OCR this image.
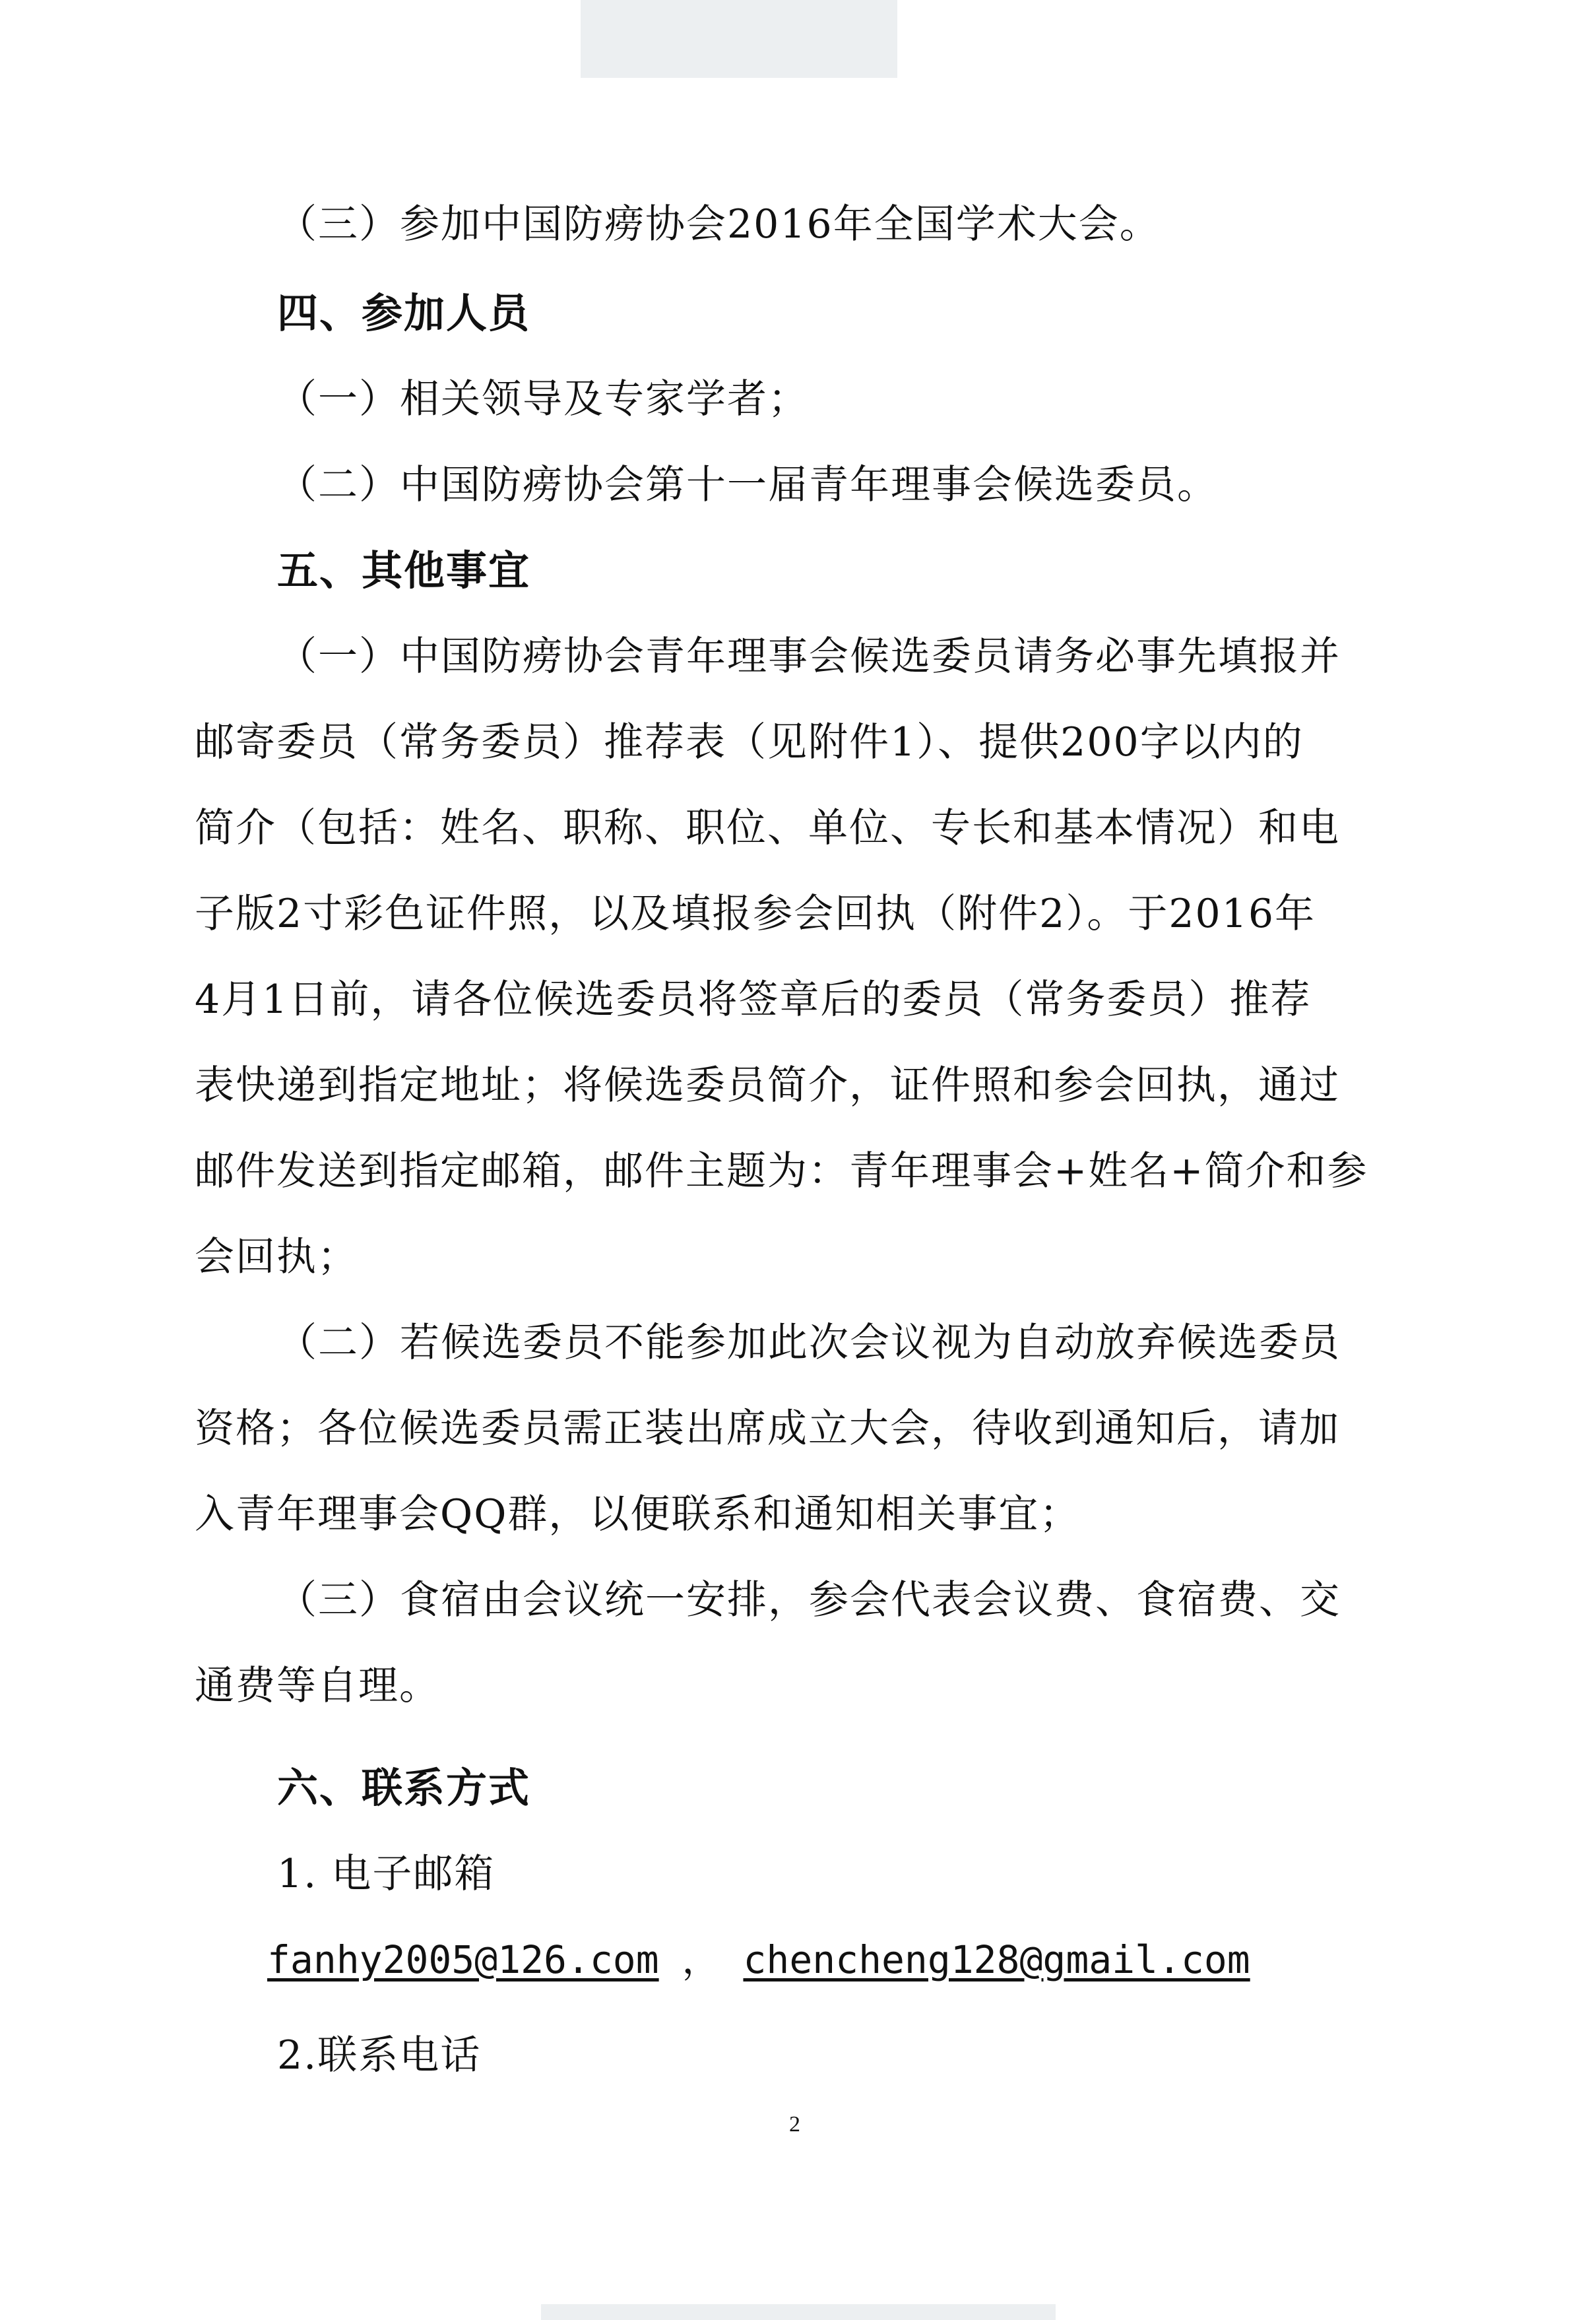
（三）参加中国防痨协会2016年全国学术大会。
四、参加人员
（一）相关领导及专家学者；
（二）中国防痨协会第十一届青年理事会候选委员。
五、其他事宜
（一）中国防痨协会青年理事会候选委员请务必事先填报并
邮寄委员（常务委员）推荐表（见附件1）、提供200字以内的
简介（包括：姓名、职称、职位、单位、专长和基本情况）和电
子版2寸彩色证件照，以及填报参会回执（附件2）。于2016年
4月1日前，请各位候选委员将签章后的委员（常务委员）推荐
表快递到指定地址；将候选委员简介，证件照和参会回执，通过
邮件发送到指定邮箱，邮件主题为：青年理事会+姓名+简介和参
会回执；
（二）若候选委员不能参加此次会议视为自动放弃候选委员
资格；各位候选委员需正装出席成立大会，待收到通知后，请加
入青年理事会QQ群，以便联系和通知相关事宜；
（三）食宿由会议统一安排，参会代表会议费、食宿费、交
通费等自理。
六、联系方式
1. 电子邮箱
fanhy2005@126.com ， chencheng128@gmail.com
2.联系电话
2
